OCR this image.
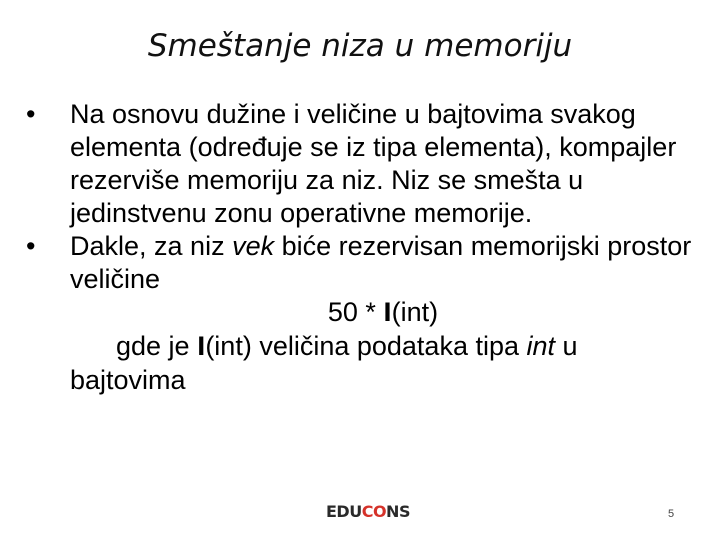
Smeštanje niza u memoriju
•	Na osnovu dužine i veličine u bajtovima svakog elementa (određuje se iz tipa elementa), kompajler rezerviše memoriju za niz. Niz se smešta u jedinstvenu zonu operativne memorije.
•	Dakle, za niz vek biće rezervisan memorijski prostor veličine
50 * l(int)
gde je l(int) veličina podataka tipa int u
bajtovima
EDUCONS	5
